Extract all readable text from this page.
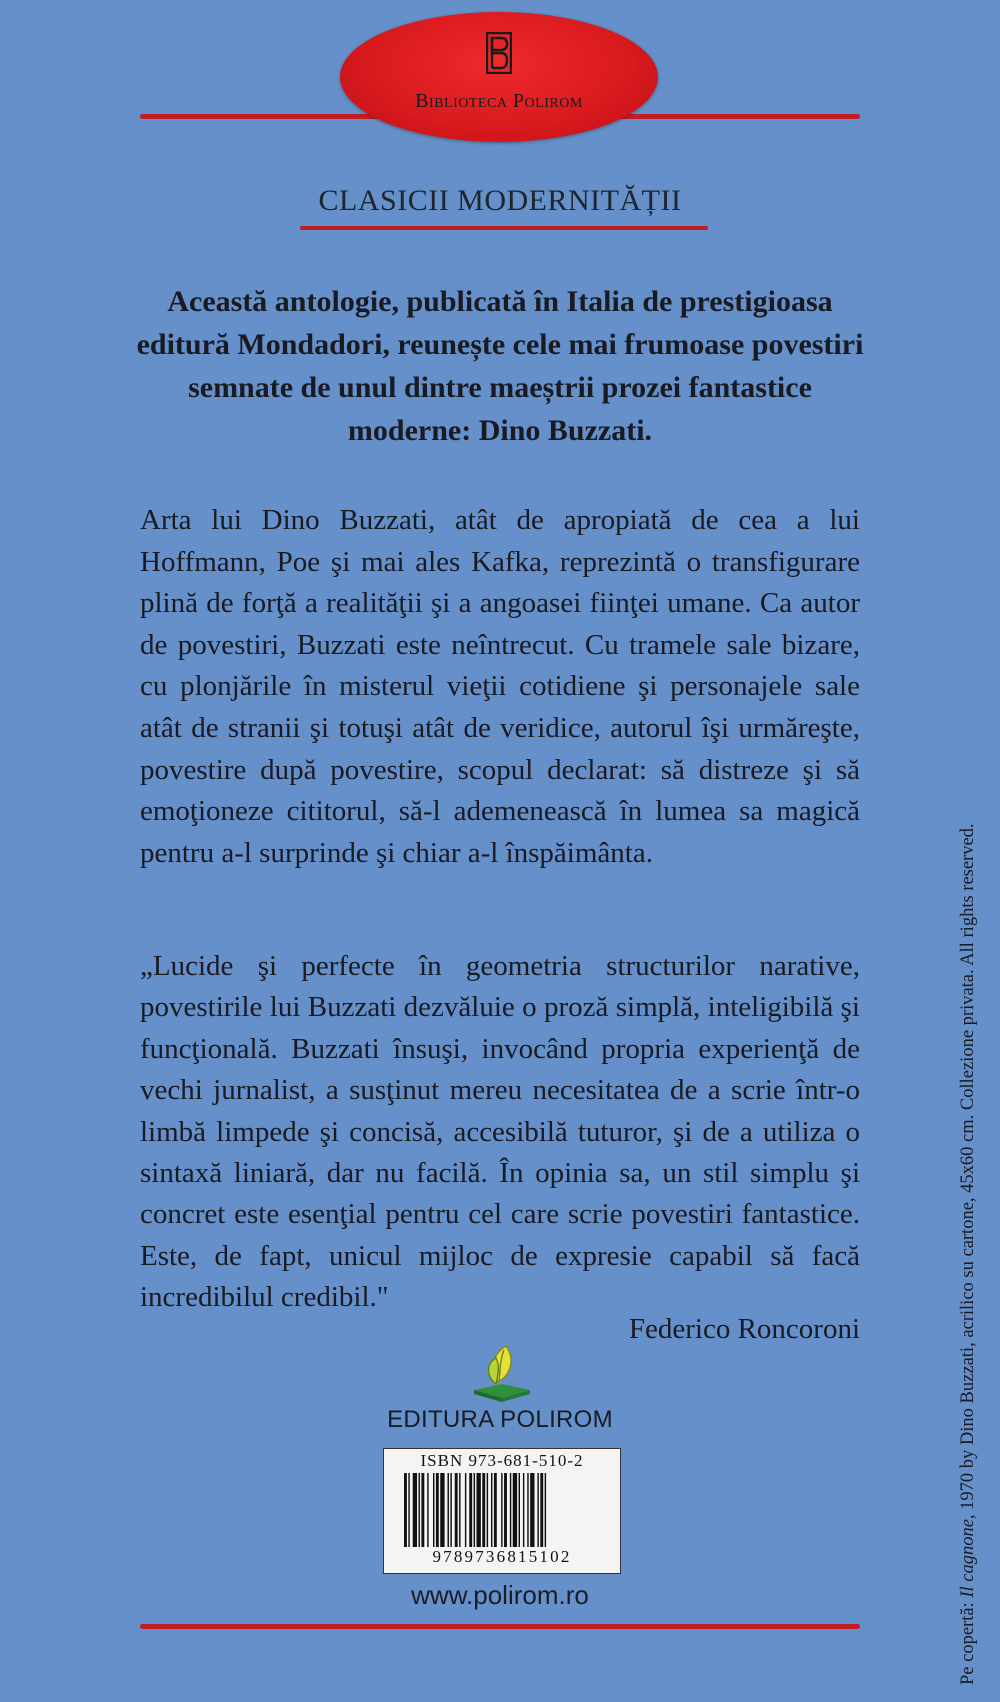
Biblioteca Polirom
CLASICII MODERNITĂȚII
Această antologie, publicată în Italia de prestigioasa editură Mondadori, reunește cele mai frumoase povestiri semnate de unul dintre maeștrii prozei fantastice moderne: Dino Buzzati.
Arta lui Dino Buzzati, atât de apropiată de cea a lui Hoffmann, Poe şi mai ales Kafka, reprezintă o transfigurare plină de forţă a realităţii şi a angoasei fiinţei umane. Ca autor de povestiri, Buzzati este neîntrecut. Cu tramele sale bizare, cu plonjările în misterul vieţii cotidiene şi personajele sale atât de stranii şi totuşi atât de veridice, autorul îşi urmăreşte, povestire după povestire, scopul declarat: să distreze şi să emoţioneze cititorul, să-l ademenească în lumea sa magică pentru a-l surprinde şi chiar a-l înspăimânta.
„Lucide şi perfecte în geometria structurilor narative, povestirile lui Buzzati dezvăluie o proză simplă, inteligibilă şi funcţională. Buzzati însuşi, invocând propria experienţă de vechi jurnalist, a susţinut mereu necesitatea de a scrie într-o limbă limpede şi concisă, accesibilă tuturor, şi de a utiliza o sintaxă liniară, dar nu facilă. În opinia sa, un stil simplu şi concret este esenţial pentru cel care scrie povestiri fantastice. Este, de fapt, unicul mijloc de expresie capabil să facă incredibilul credibil."
Federico Roncoroni
EDITURA POLIROM
ISBN 973-681-510-2
9789736815102
www.polirom.ro
Pe copertă: Il cagnone, 1970 by Dino Buzzati, acrilico su cartone, 45x60 cm. Collezione privata. All rights reserved.
